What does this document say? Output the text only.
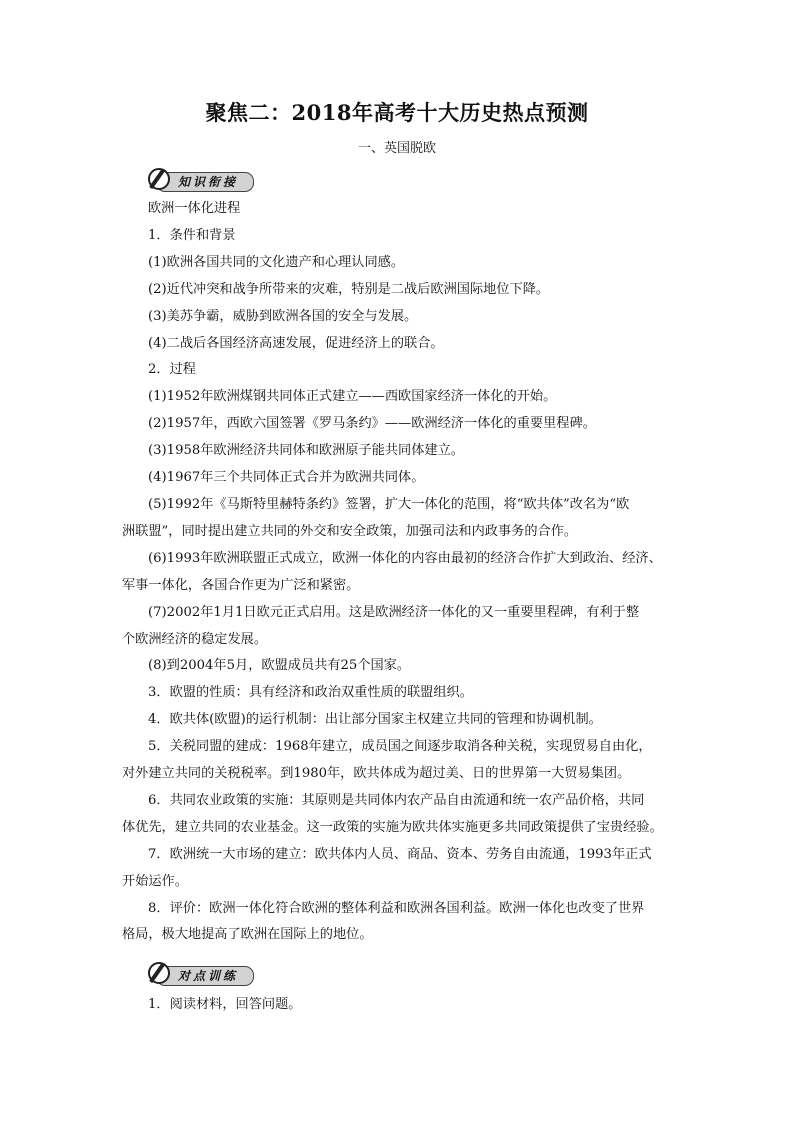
聚焦二：2018年高考十大历史热点预测
一、英国脱欧
知识衔接
欧洲一体化进程
1．条件和背景
(1)欧洲各国共同的文化遗产和心理认同感。
(2)近代冲突和战争所带来的灾难，特别是二战后欧洲国际地位下降。
(3)美苏争霸，威胁到欧洲各国的安全与发展。
(4)二战后各国经济高速发展，促进经济上的联合。
2．过程
(1)1952年欧洲煤钢共同体正式建立——西欧国家经济一体化的开始。
(2)1957年，西欧六国签署《罗马条约》——欧洲经济一体化的重要里程碑。
(3)1958年欧洲经济共同体和欧洲原子能共同体建立。
(4)1967年三个共同体正式合并为欧洲共同体。
(5)1992年《马斯特里赫特条约》签署，扩大一体化的范围，将“欧共体”改名为“欧
洲联盟”，同时提出建立共同的外交和安全政策，加强司法和内政事务的合作。
(6)1993年欧洲联盟正式成立，欧洲一体化的内容由最初的经济合作扩大到政治、经济、
军事一体化，各国合作更为广泛和紧密。
(7)2002年1月1日欧元正式启用。这是欧洲经济一体化的又一重要里程碑，有利于整
个欧洲经济的稳定发展。
(8)到2004年5月，欧盟成员共有25个国家。
3．欧盟的性质：具有经济和政治双重性质的联盟组织。
4．欧共体(欧盟)的运行机制：出让部分国家主权建立共同的管理和协调机制。
5．关税同盟的建成：1968年建立，成员国之间逐步取消各种关税，实现贸易自由化，
对外建立共同的关税税率。到1980年，欧共体成为超过美、日的世界第一大贸易集团。
6．共同农业政策的实施：其原则是共同体内农产品自由流通和统一农产品价格，共同
体优先，建立共同的农业基金。这一政策的实施为欧共体实施更多共同政策提供了宝贵经验。
7．欧洲统一大市场的建立：欧共体内人员、商品、资本、劳务自由流通，1993年正式
开始运作。
8．评价：欧洲一体化符合欧洲的整体利益和欧洲各国利益。欧洲一体化也改变了世界
格局，极大地提高了欧洲在国际上的地位。
对点训练
1．阅读材料，回答问题。
